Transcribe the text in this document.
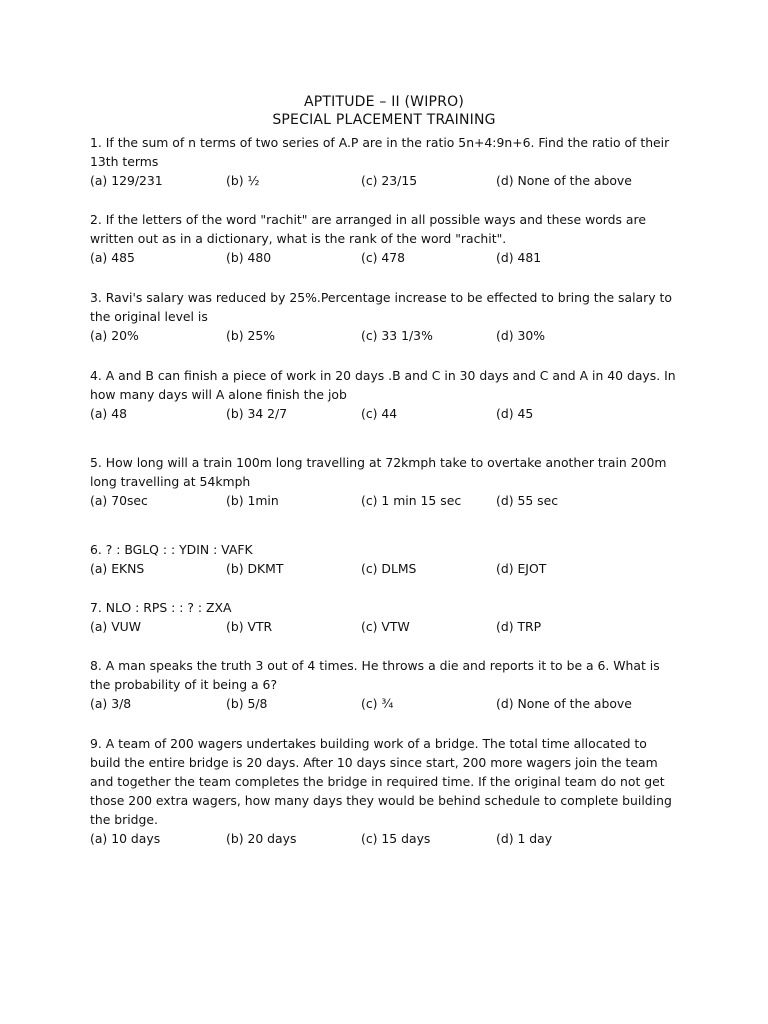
APTITUDE – II (WIPRO)
SPECIAL PLACEMENT TRAINING
1. If the sum of n terms of two series of A.P are in the ratio 5n+4:9n+6. Find the ratio of their 13th terms
(a) 129/231	(b) ½	(c) 23/15	(d) None of the above
2. If the letters of the word "rachit" are arranged in all possible ways and these words are written out as in a dictionary, what is the rank of the word "rachit".
(a) 485	(b) 480	(c) 478	(d) 481
3. Ravi's salary was reduced by 25%.Percentage increase to be effected to bring the salary to the original level is
(a) 20%	(b) 25%	(c) 33 1/3%	(d) 30%
4. A and B can finish a piece of work in 20 days .B and C in 30 days and C and A in 40 days. In how many days will A alone finish the job
(a) 48	(b) 34 2/7	(c) 44	(d) 45
5. How long will a train 100m long travelling at 72kmph take to overtake another train 200m long travelling at 54kmph
(a) 70sec	(b) 1min	(c) 1 min 15 sec	(d) 55 sec
6. ? : BGLQ : : YDIN : VAFK
(a) EKNS	(b) DKMT	(c) DLMS	(d) EJOT
7. NLO : RPS : : ? : ZXA
(a) VUW	(b) VTR	(c) VTW	(d) TRP
8. A man speaks the truth 3 out of 4 times. He throws a die and reports it to be a 6. What is the probability of it being a 6?
(a) 3/8	(b) 5/8	(c) ¾	(d) None of the above
9. A team of 200 wagers undertakes building work of a bridge. The total time allocated to build the entire bridge is 20 days. After 10 days since start, 200 more wagers join the team and together the team completes the bridge in required time. If the original team do not get those 200 extra wagers, how many days they would be behind schedule to complete building the bridge.
(a) 10 days	(b) 20 days	(c) 15 days	(d) 1 day
